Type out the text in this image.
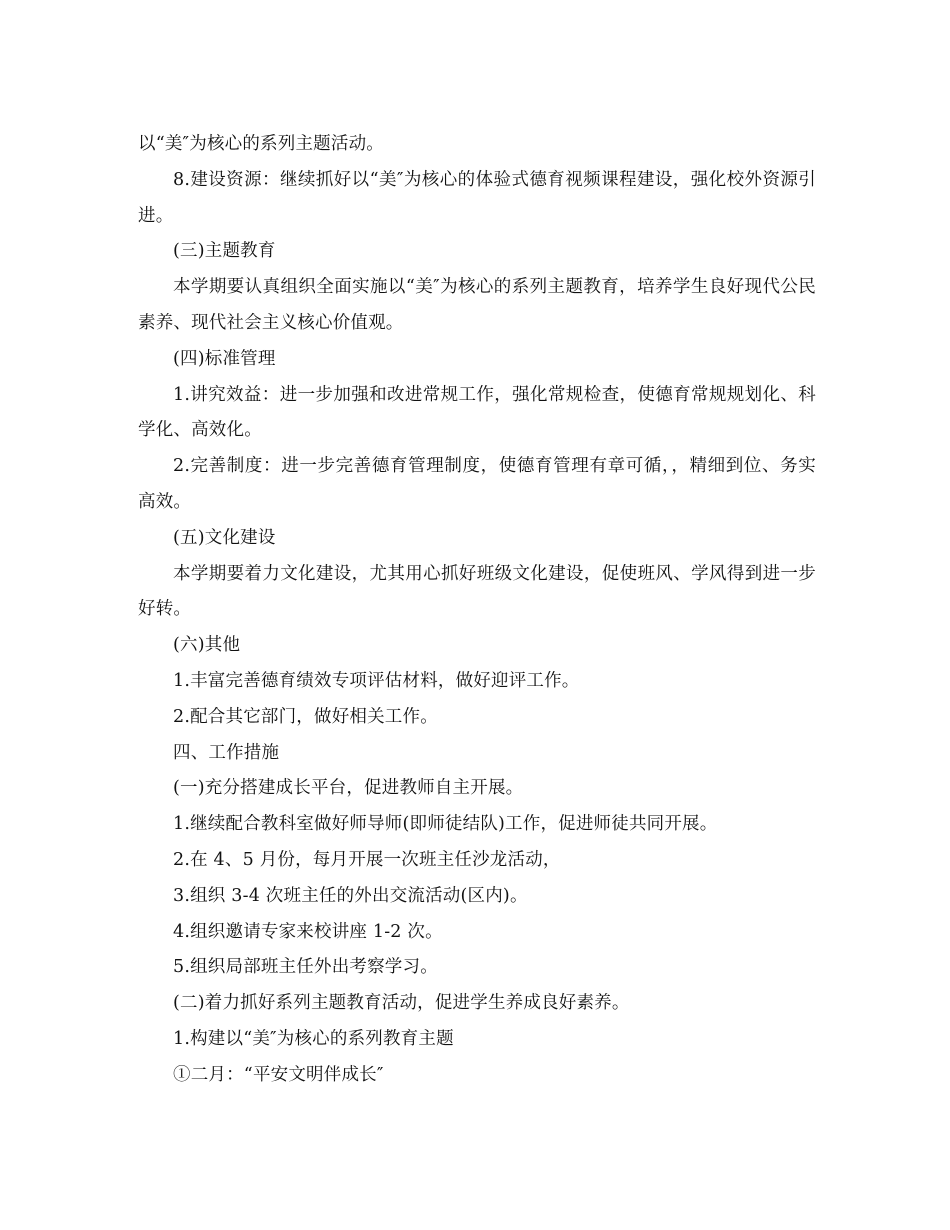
以“美″为核心的系列主题活动。

8.建设资源：继续抓好以“美″为核心的体验式德育视频课程建设，强化校外资源引进。

(三)主题教育

本学期要认真组织全面实施以“美″为核心的系列主题教育，培养学生良好现代公民素养、现代社会主义核心价值观。

(四)标准管理

1.讲究效益：进一步加强和改进常规工作，强化常规检查，使德育常规规划化、科学化、高效化。

2.完善制度：进一步完善德育管理制度，使德育管理有章可循，，精细到位、务实高效。

(五)文化建设

本学期要着力文化建设，尤其用心抓好班级文化建设，促使班风、学风得到进一步好转。

(六)其他

1.丰富完善德育绩效专项评估材料，做好迎评工作。

2.配合其它部门，做好相关工作。

四、工作措施

(一)充分搭建成长平台，促进教师自主开展。

1.继续配合教科室做好师导师(即师徒结队)工作，促进师徒共同开展。

2.在 4、5 月份，每月开展一次班主任沙龙活动，

3.组织 3-4 次班主任的外出交流活动(区内)。

4.组织邀请专家来校讲座 1-2 次。

5.组织局部班主任外出考察学习。

(二)着力抓好系列主题教育活动，促进学生养成良好素养。

1.构建以“美″为核心的系列教育主题

①二月：“平安文明伴成长″
